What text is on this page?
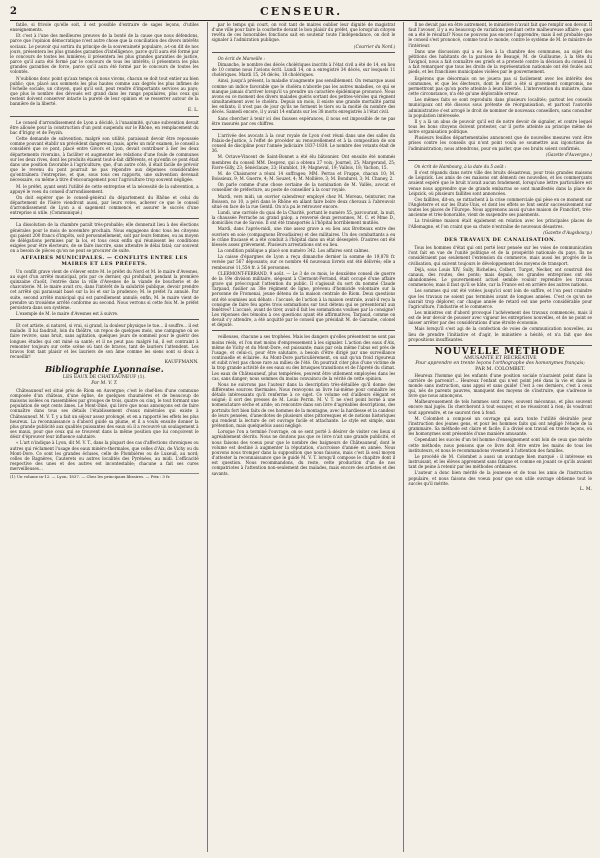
2	CENSEUR.

fatile, si frivole qu'elle soit, il est possible d'extraire de sages leçons, d'utiles enseignements.

Et c'est à l'une des meilleures preuves de la bonté de la cause que nous défendons, parce que l'opinion démocratique n'est autre chose que la conciliation des divers intérêts sociaux. Le pouvoir qui sortira du principe de la souveraineté populaire, a-t-on dit de nos jours, présentera les plus grandes garanties d'intelligence, parce qu'il aura été formé par le concours de toutes les lumières; il présentera les plus grandes garanties de justice, parce qu'il aura été formé par le concours de tous les intérêts; il présentera les plus grandes garanties de force, parce qu'il aura été formé par le concours de toutes les volontés.

N'oublions donc point qu'aux temps où nous vivons, chacun se doit tout entier au bien public; que, placé aux sommets les plus hautes comme aux degrés les plus infimes de l'échelle sociale, un citoyen, quel qu'il soit, peut rendre d'importants services au pays; que plus le nombre des dévoués est grand dans les rangs populaires, plus ceux qui restent doivent conserver intacte la pureté de leur opinion et se resserrer autour de la bannière de la liberté.

E. L.

Le conseil d'arrondissement de Lyon a décidé, à l'unanimité, qu'une subvention devait être allouée pour la construction d'un pont suspendu sur le Rhône, en remplacement du bac d'Irigny et de Feyzin.

Cette demande de subvention, malgré son utilité, paraissait devoir être repoussée comme pouvant établir un précédent dangereux; mais, après un mûr examen, le conseil a considéré que ce pont, placé entre Givors et Lyon, devait contribuer à lier les deux départements riverains, à faciliter et augmenter les relations d'une foule de communes sur les deux rives, dont les produits étaient tout-à-fait différents, et qu'enfin ce pont était dans une position favorable à l'agriculture; que, d'un autre côté, il était facile de prévoir que le revenu du pont pourrait ne pas répondre aux dépenses considérables qu'entraînera l'entreprise, et que, sous tous ces rapports, une subvention devenait nécessaire, ou même à titre d'encouragement pour l'agriculture trop souvent négligée.

M. le préfet, ayant senti l'utilité de cette entreprise et la nécessité de la subvention, a appuyé le voeu du conseil d'arrondissement.

On doit espérer que le conseil-général du département du Rhône et celui du département de l'Isère viendront aussi, par leurs votes, achever ce que le conseil d'arrondissement de Lyon a si sagement commencé, et assurer le succès d'une entreprise si utile. (Communiqué.)

La dissolution de la chambre paraît très-probable; elle donnerait lieu à des élections générales pour le mois de novembre prochain. Nous engageons donc tous les citoyens qui paient 200 francs d'impôts, soit personnellement, soit par leurs femmes, ou au moyen de délégations permises par la loi, et tous ceux enfin qui réunissent les conditions exigées pour être électeurs, de se faire inscrire, sans attendre le délai fatal; car souvent on a besoin de pièces qu'on ne peut se procurer de suite.

AFFAIRES MUNICIPALES. — CONFLITS ENTRE LES MAIRES ET LES PRÉFETS.

Un conflit grave vient de s'élever entre M. le préfet du Nord et M. le maire d'Avesnes, au sujet d'un arrêté municipal, pris par ce dernier, qui prohibait, pendant la première quinzaine d'août, l'entrée dans la ville d'Avesnes de la viande de boucherie et de charcuterie. M. le maire avait cru, dans l'intérêt de la salubrité publique, devoir prendre cet arrêté qui paraissait basé sur la loi et sur la prudence; M. le préfet l'a annulé. Par suite, second arrêté municipal qui est pareillement annulé; enfin, M. le maire vient de prendre un troisième arrêté conforme au second. Nous verrons si cette fois M. le préfet persistera dans son système.

L'exemple de M. le maire d'Avesnes est à suivre.

Et cet artiste, si naturel, si vrai, si grand, la douleur physique le tue... il souffre... il est malade. Il lui faudrait, loin du théâtre, un repos de quelques mois, une campagne où se faire revivre, sans bruit, sans agitation, quelques jours de sommeil pour le guérir des longues études qui ont miné sa santé; et il ne peut pas: malgré lui, il est contraint à remonter toujours sur cette scène où tant de bravos, tant de lauriers l'attendent. Les bravos font tant plaisir et les lauriers de son âme comme les siens sont si doux à recueillir!

KAUFFMANN.
Bibliographie Lyonnaise.
LES EAUX DE CHATEAUNEUF (1).
Par M. V. T.

Châteauneuf est situé près de Riom en Auvergne; c'est le chef-lieu d'une commune composée d'un château, d'une église, de quelques chaumières et de beaucoup de maisons isolées ou rassemblées par groupes de trois, quatre ou cinq, le tout formant une population de sept cents âmes. Le Mont-Diné, qui livre que nous annonçons est de faire connaître dans tous ses détails l'établissement d'eaux minérales qui existe à Châteauneuf. M. V. T. y a fait un séjour assez prolongé, et en a rapporté les effets les plus heureux. La reconnaissance a d'abord guidé sa plume, et il a voulu ensuite donner la plus grande publicité aux qualités puissantes des eaux où il a recouvré un soulagement à ses maux, pour que ceux qui se trouvent dans la même position que lui conçoivent le désir d'éprouver leur influence salutaire.

« L'art n'indique à Lyon, dit M. V. T., dans la plupart des cas d'affections chroniques ou autres qui réclament l'usage des eaux minéro-thermales, que celles d'Aix, de Vichy ou du Mont-Dore. Ce sont les grandes écluses, celle de Plombières ou de Luxeuil, au nord; celles de Bagnères, Cauterets ou autres localités des Pyrénées, au midi. L'efficacité respective des unes et des autres est incontestable; chacune a fait ses cures merveilleuses...

(1) Un volume in-12. — Lyon, 1837. — Chez les principaux libraires. — Prix : 3 fr.

par le temps qui court, on voit tant de maires oublier leur dignité de magistrat d'une ville pour faire la courbette devant le bon plaisir du préfet, que lorsqu'un citoyen revêtu de ces honorables fonctions sait en soutenir toute l'indépendance, on doit le signaler à l'admiration publique.

(Courrier du Nord.)

On écrit de Marseille :

Dimanche, le nombre des décès cholériques inscrits à l'état civil a été de 14, en lieu de 10 comme nous l'avions écrit. Lundi 14, on a enregistré 34 décès, sur lesquels 11 cholériques. Mardi 15, 24 décès, 18 cholériques.

Ainsi, jusqu'à présent, la maladie n'augmente pas sensiblement. On remarque aussi comme un indice favorable que le choléra n'aborde pas les autres maladies, ce qui se manque jamais d'arriver lorsqu'il va prendre un caractère épidémique prononcé. Nous avons eu ce moment des divers malades guéris sortant des petites-véroles qui règnent simultanément avec le choléra. Depuis un mois, il existe une grande mortalité parmi les enfants; il n'est pas de jour qu'ils ne forment le tiers ou la moitié du nombre des décès. Samedi encore, il y avait 14 enfants sur les 38 morts enregistrés à l'état civil.

Sans chercher à tenir ici des fausses espérances, il nous est impossible de ne pas être rassurés par ces chiffres.

L'arrivée des avocats à la cour royale de Lyon s'est réuni dans une des salles du Palais-de-Justice, à l'effet de procéder au renouvellement et à la composition de son conseil de discipline pour l'année judiciaire 1837-1838. Le nombre des votants était de 36.

M. Octave-Vincent de Saint-Bonnet a été élu bâtonnier. Ont ensuite été nommés membres du conseil MM. Desprez, qui a obtenu 27 voix; Journel, 25; Margerand, 25; Favre-Gilly, 23; Sénéclauze, 23; Humblot, 19; Magneval, 19; Vallois, 18; Vachon, 15.

M. de Chaisnorer a réuni 14 suffrages; MM. Perras et Frappe, chacun 10; M. Boissieux, 9; M. Guerre, 4; M. Souzet, 4; M. Mollière, 3; M. Bondurel, 3; M. Chaney, 2.

On parle comme d'une chose certaine de la nomination de M. Vallès, avocat et conseiller de préfecture, au poste de conseiller à la cour royale.

Mardi, vers midi, un ouvrier calendreur employé chez M. Moreau, teinturier, rue Boisson, no 10, a péri dans le Rhône en allant faire boire deux chevaux à l'abreuvoir situé en face de la rue Gentil. On n'a pu le retrouver encore.

Lundi, une carriole du quai de la Charité, portant le numéro 55, parcourant, la nuit, la chaussée Perrache au grand galop, a renversé deux personnes, M. C. et Mme D., domiciliés rue de Savoie. Il ont été transportés à l'hôpital horriblement mutilés.

Mardi, dans l'après-midi, une rixe assez grave a eu lieu aux Brotteaux entre des ouvriers en soie (compagnons Broudiaires) et des militaires. Un des combattants a eu le crâne fracassé et a été conduit à l'hôpital dans un état désespéré. D'autres ont été blessés assez grièvement. Plusieurs arrestations ont eu lieu.

La condition publique a placé son numéro 342. Les affaires sont calmes.

La caisse d'épargnes de Lyon a reçu dimanche dernier la somme de 19,878 fr. versée par 567 déposants; sur ce nombre 46 nouveaux livrets ont été délivrés; elle a remboursé 11,554 fr. à 56 personnes.

CLERMONT-FERRAND, 9 août. — Le 3 de ce mois, le deuxième conseil de guerre de la 19e division militaire, siégeant à Clermont-Ferrand, était occupé d'une affaire grave qui préoccupait l'attention du public. Il s'agissait du sort du nommé Claude Tarpaud, fusilier au 38e régiment de ligne, prévenu d'homicide volontaire sur la personne de Fromenai, jeune détenu de la maison centrale de Riom. Deux questions ont été soumises aux débats : l'accusé, de l'action à la maison centrale, avait-il reçu la consigne de faire feu après trois sommations sur tout détenu qui se présenterait aux fenêtres? L'accusé, avant de tirer, avait-il fait les sommations voulues par la consigne? Les réponses des témoins à ces questions ayant été affirmatives, Tarpaud, comme on devait s'y attendre, a été acquitté par le conseil que présidait M. de Garaube, colonel et député.

veilleuses, chacune a ses trophées. Mais les dangers qu'elles présentent ne sont pas moins réels, et l'on met moins d'empressement à les signaler. L'action des eaux d'Aix, même de Vichy et du Mont-Dore, est puissante; mais par cela même l'abus est près de l'usage, et celui-ci, pour être salutaire, a besoin d'être dirigé par une surveillance continuelle et éclairée. Au Mont-Dore particulièrement, on sait qu'un froid rigoureux et subit n'est pas chose rare au milieu de l'été. On pourrait citer plus d'une victime de la trop grande activité de ses eaux ou des brusques transitions et de l'âpreté du climat. Les eaux de Châteauneuf, plus tempérées, peuvent être utilement employées dans les cas, sans danger; nous sommes du moins convaincu de la vérité de cette opinion.

Nous ne suivrons pas l'auteur dans la description très-détaillée qu'il donne des différentes sources thermales. Nous renvoyons au livre lui-même pour connaître les détails intéressants qu'il renferme à ce sujet. Ce volume est d'ailleurs élégant et soigné; il sort des presses de M. Louis Perrin. M. V. T. ne s'est point borné à une nomenclature sèche et aride; on rencontre dans son livre d'agréables descriptions, des portraits fort bien faits de ces hommes de la montagne, avec la hardiesse et la candeur de leurs pensées, d'anecdotes de plusieurs sites pittoresques et de notions historiques qui rendent la lecture de cet ouvrage facile et attachante. Le style est simple, sans prétention, mais quelquefois aussi négligé.

Lorsque l'on a terminé l'ouvrage, on se sent porté à désirer de visiter ces lieux si agréablement décrits. Nous ne doutons pas que ce livre n'ait une grande publicité, et nous faisons des voeux pour que le nombre des baigneurs de Châteauneuf, dont le volume est destiné à augmenter la réputation, s'accroisse d'année en année. Nous pouvons nous tromper dans la supposition que nous faisons, mais c'est là seul moyen d'attester la reconnaissance que le guidé M. V. T. lorsqu'il compose le chapitre dont il est question. Nous recommandons, du reste, cette production d'un de nos compatriotes à l'attention non-seulement des malades, mais encore des artistes et des savants.

Il ne devait pas en être autrement, le ministère n'avait fait que remplir son devoir. Il faut l'avouer, il y a eu beaucoup de variations pendant cette malheureuse affaire : quel en a été le résultat? Nous ne pouvons pas encore l'apprendre; mais il est probable que le conseil s'est prononcé, comme tout le monde, contre le système de M. le ministre de l'intérieur.

Dans une discussion qui a eu lieu à la chambre des communes, au sujet des pétitions des habitants de la paroisse de Beaugé, M. de Guillaume, à la tête du Tavignol, nous a fait connaître ses griefs et a protesté contre la décision du conseil. Il a fait remarquer que tous les droits de la représentation nationale ont été foulés aux pieds, et les franchises municipales violées par le gouvernement.

Espérons que désormais on ne jouera pas si facilement avec les intérêts des communes, et que les électeurs, dont le droit a été si gravement compromis, ne permettront pas qu'on porte atteinte à leurs libertés. L'intervention du ministre, dans cette circonstance, n'a été qu'une déplorable erreur.

Les mêmes faits se sont reproduits dans plusieurs localités; partout les conseils municipaux ont été dissous sous prétexte de réorganisation, et partout l'autorité administrative s'est arrogé le droit de nommer de nouveaux conseillers, sans consulter la population intéressée.

Il y a là un abus de pouvoir qu'il est de notre devoir de signaler, et contre lequel tous les bons citoyens doivent protester, car il porte atteinte au principe même de notre organisation politique.

Plusieurs feuilles départementales annoncent que de nouvelles mesures vont être prises contre les conseils qui n'ont point voulu se soumettre aux injonctions de l'administration; nous attendrons, pour en parler, que ces bruits soient confirmés.

(Gazette d'Auvergne.)

On écrit de Hambourg, à la date du 5 août :

Il s'est répandu dans notre ville des bruits désastreux, pour trois grandes maisons de Leipzick. Les amis de ces maisons ont démenti ces nouvelles, et les commerçants avaient espéré que le bruit n'avait aucun fondement, lorsqu'une lettre particulière est venue nous apprendre que de grands embarras se sont manifestés dans la place de Leipzick, où plusieurs faillites sont annoncées.

Ces faillites, dit-on, se rattachent à la crise commerciale qui pèse en ce moment sur l'Angleterre et sur les États-Unis, et dont les effets se font sentir successivement sur toutes les places de l'Europe. Nous apprenons aussi qu'une maison de Francfort, très-ancienne et très-honorable, vient de suspendre ses paiements.

La troisième maison était également en relation avec les principales places de l'Allemagne, et l'on craint que sa chute n'entraîne de nouveaux désastres.

(Gazette d'Augsbourg.)
DES TRAVAUX DE CANALISATION.

Tous les hommes d'état qui ont porté leur pensée sur les voies de communication l'ont fait en vue de l'unité politique et de la prospérité nationale du pays. Ils ne considéraient pas seulement l'extension du commerce, mais aussi les progrès de la civilisation, qui suivent toujours le développement des moyens de transport.

Déjà, sous Louis XIV, Sully, Richelieu, Colbert, Turgot, Necker, ont construit des canaux, des routes, des ponts; mais depuis, ces grandes entreprises ont été abandonnées. Le gouvernement actuel semble vouloir reprendre les travaux commencés; mais il faut qu'il se hâte, car la France est en arrière des autres nations.

Les sommes qui ont été votées jusqu'ici sont loin de suffire, et l'on peut craindre que les travaux ne soient pas terminés avant de longues années. C'est ce qu'on ne saurait trop déplorer, car chaque année de retard est une perte considérable pour l'agriculture, l'industrie et le commerce.

Les ministres ont d'abord provoqué l'achèvement des travaux commencés, mais il est de leur devoir de pousser avec vigueur les entreprises nouvelles, et de ne point se laisser arrêter par des considérations d'une étroite économie.

Mais lorsqu'il s'est agi de la confection de voies de communication nouvelles, au lieu de prendre l'initiative et d'agir, le ministère a hésité, et n'a fait que des propositions insuffisantes.

NOUVELLE MÉTHODE
AMUSANTE ET RÉCRÉATIVE
Pour apprendre en trente leçons l'orthographe des homonymes français;
PAR M. COLOMBET.

Heureux l'homme qui les enfants d'une position sociale n'auraient point dans la carrière de parvenir!... Heureux l'enfant qui n'est point jeté dans la vie et dans le monde sans instruction, sans appui et sans guide! C'est à ces derniers, c'est à ceux qui, nés de parents pauvres, manquent des moyens de s'instruire, que s'adresse le livre que nous annonçons.

Malheureusement de tels hommes sont rares, souvent méconnus, et plus souvent encore mal jugés. Ils chercheront à tout essayer, et ne réussiront à rien; ils voudront tout apprendre, et ne sauront rien à fond.

M. Colombet a composé un ouvrage qui aura toute l'utilité désirable pour l'instruction des jeunes gens, et pour les hommes faits qui ont négligé l'étude de la grammaire. Sa méthode est claire et facile; il a divisé son travail en trente leçons, où les homonymes sont présentés d'une manière amusante.

Cependant les succès d'un tel homme d'enseignement sont loin de ceux que mérite cette méthode; nous pensons que ce livre doit être entre les mains de tous les instituteurs, et nous le recommandons vivement à l'attention des familles.

Le procédé de M. Colombet a aussi un avantage bien marqué : il intéresse en instruisant, et les élèves apprennent sans fatigue et comme en jouant ce qu'ils avaient tant de peine à retenir par les méthodes ordinaires.

L'auteur a donc bien mérité de la jeunesse et de tous les amis de l'instruction populaire, et nous faisons des voeux pour que son utile ouvrage obtienne tout le succès qu'il mérite.

L. M.
